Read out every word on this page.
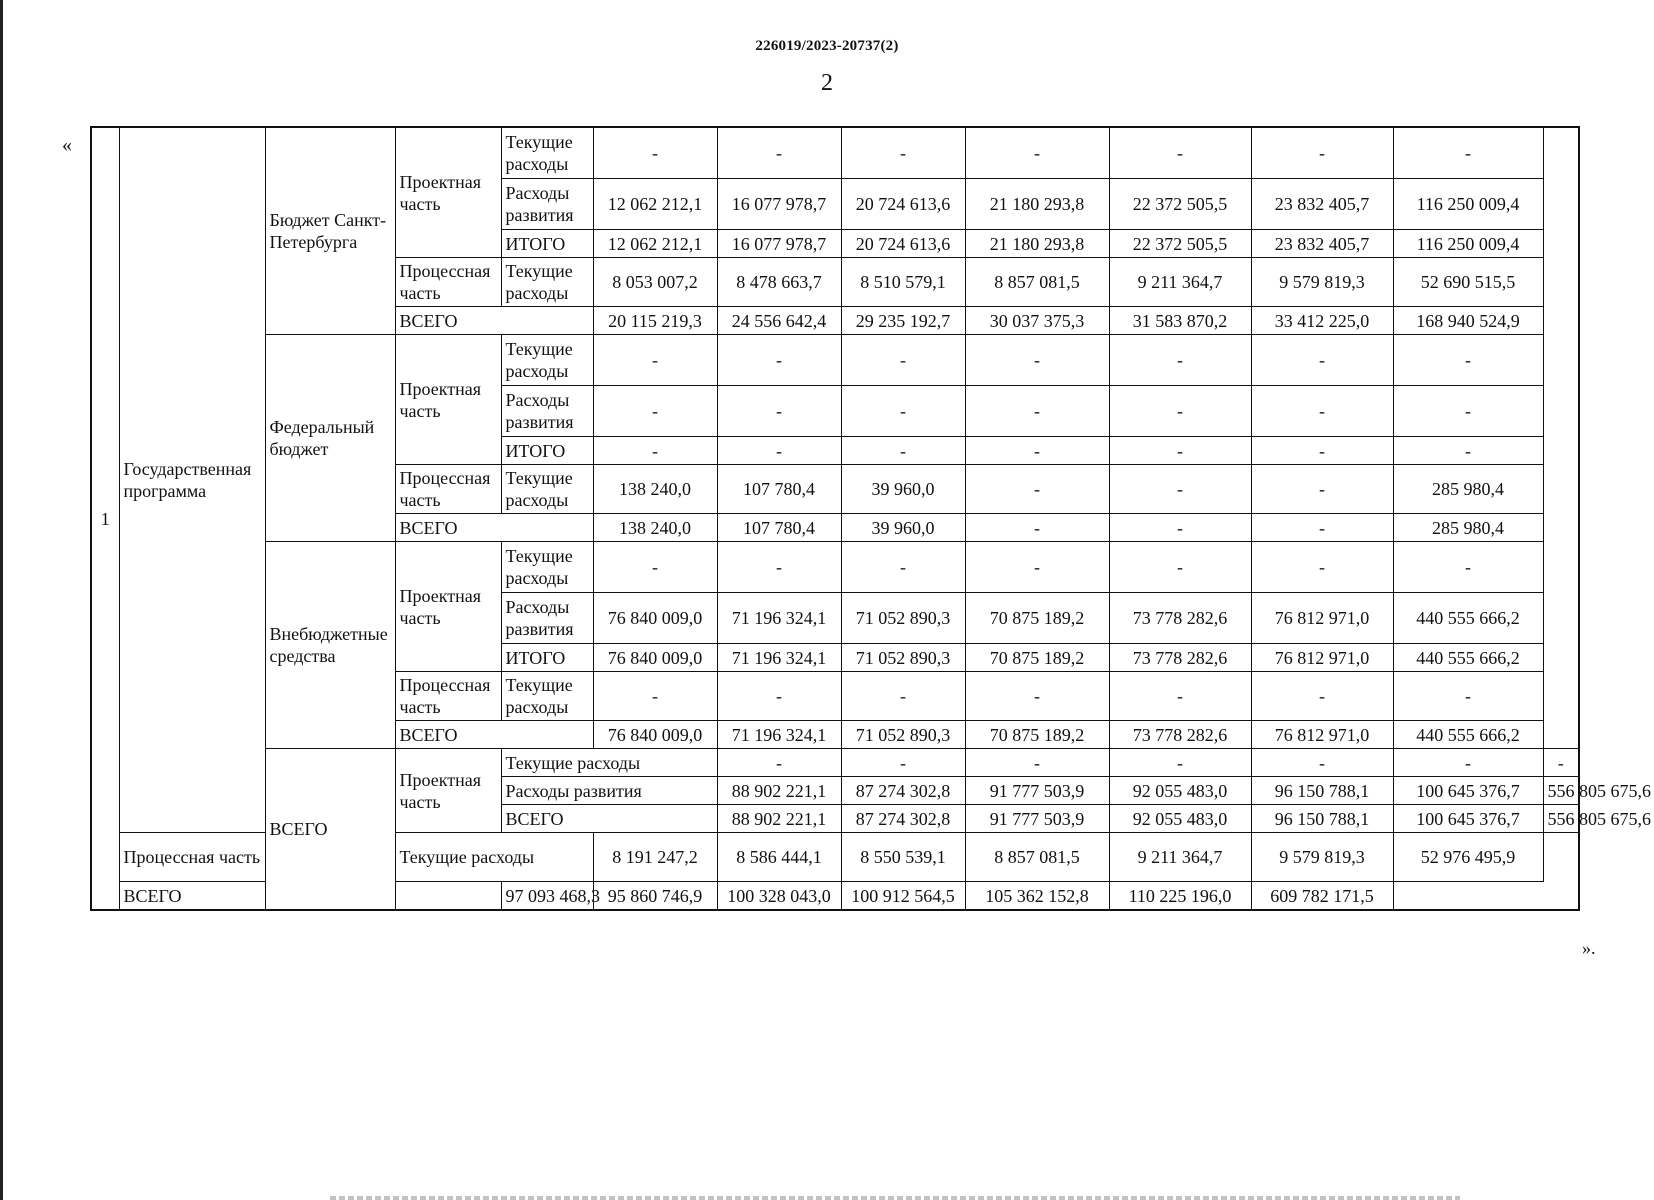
226019/2023-20737(2)
2
«
».
1	Государственная программа	Бюджет Санкт-Петербурга	Проектная часть	Текущие расходы	-	-	-	-	-	-	-	
				Расходы развития	12 062 212,1	16 077 978,7	20 724 613,6	21 180 293,8	22 372 505,5	23 832 405,7	116 250 009,4	
				ИТОГО	12 062 212,1	16 077 978,7	20 724 613,6	21 180 293,8	22 372 505,5	23 832 405,7	116 250 009,4	
			Процессная часть	Текущие расходы	8 053 007,2	8 478 663,7	8 510 579,1	8 857 081,5	9 211 364,7	9 579 819,3	52 690 515,5	
			ВСЕГО		20 115 219,3	24 556 642,4	29 235 192,7	30 037 375,3	31 583 870,2	33 412 225,0	168 940 524,9	
		Федеральный бюджет	Проектная часть	Текущие расходы	-	-	-	-	-	-	-	
				Расходы развития	-	-	-	-	-	-	-	
				ИТОГО	-	-	-	-	-	-	-	
			Процессная часть	Текущие расходы	138 240,0	107 780,4	39 960,0	-	-	-	285 980,4	
			ВСЕГО		138 240,0	107 780,4	39 960,0	-	-	-	285 980,4	
		Внебюджетные средства	Проектная часть	Текущие расходы	-	-	-	-	-	-	-	
				Расходы развития	76 840 009,0	71 196 324,1	71 052 890,3	70 875 189,2	73 778 282,6	76 812 971,0	440 555 666,2	
				ИТОГО	76 840 009,0	71 196 324,1	71 052 890,3	70 875 189,2	73 778 282,6	76 812 971,0	440 555 666,2	
			Процессная часть	Текущие расходы	-	-	-	-	-	-	-	
			ВСЕГО		76 840 009,0	71 196 324,1	71 052 890,3	70 875 189,2	73 778 282,6	76 812 971,0	440 555 666,2	
		ВСЕГО	Проектная часть	Текущие расходы		-	-	-	-	-	-	-
				Расходы развития		88 902 221,1	87 274 302,8	91 777 503,9	92 055 483,0	96 150 788,1	100 645 376,7	556 805 675,6
				ВСЕГО		88 902 221,1	87 274 302,8	91 777 503,9	92 055 483,0	96 150 788,1	100 645 376,7	556 805 675,6
	Процессная часть		Текущие расходы		8 191 247,2	8 586 444,1	8 550 539,1	8 857 081,5	9 211 364,7	9 579 819,3	52 976 495,9	
	ВСЕГО			97 093 468,3	95 860 746,9	100 328 043,0	100 912 564,5	105 362 152,8	110 225 196,0	609 782 171,5		
